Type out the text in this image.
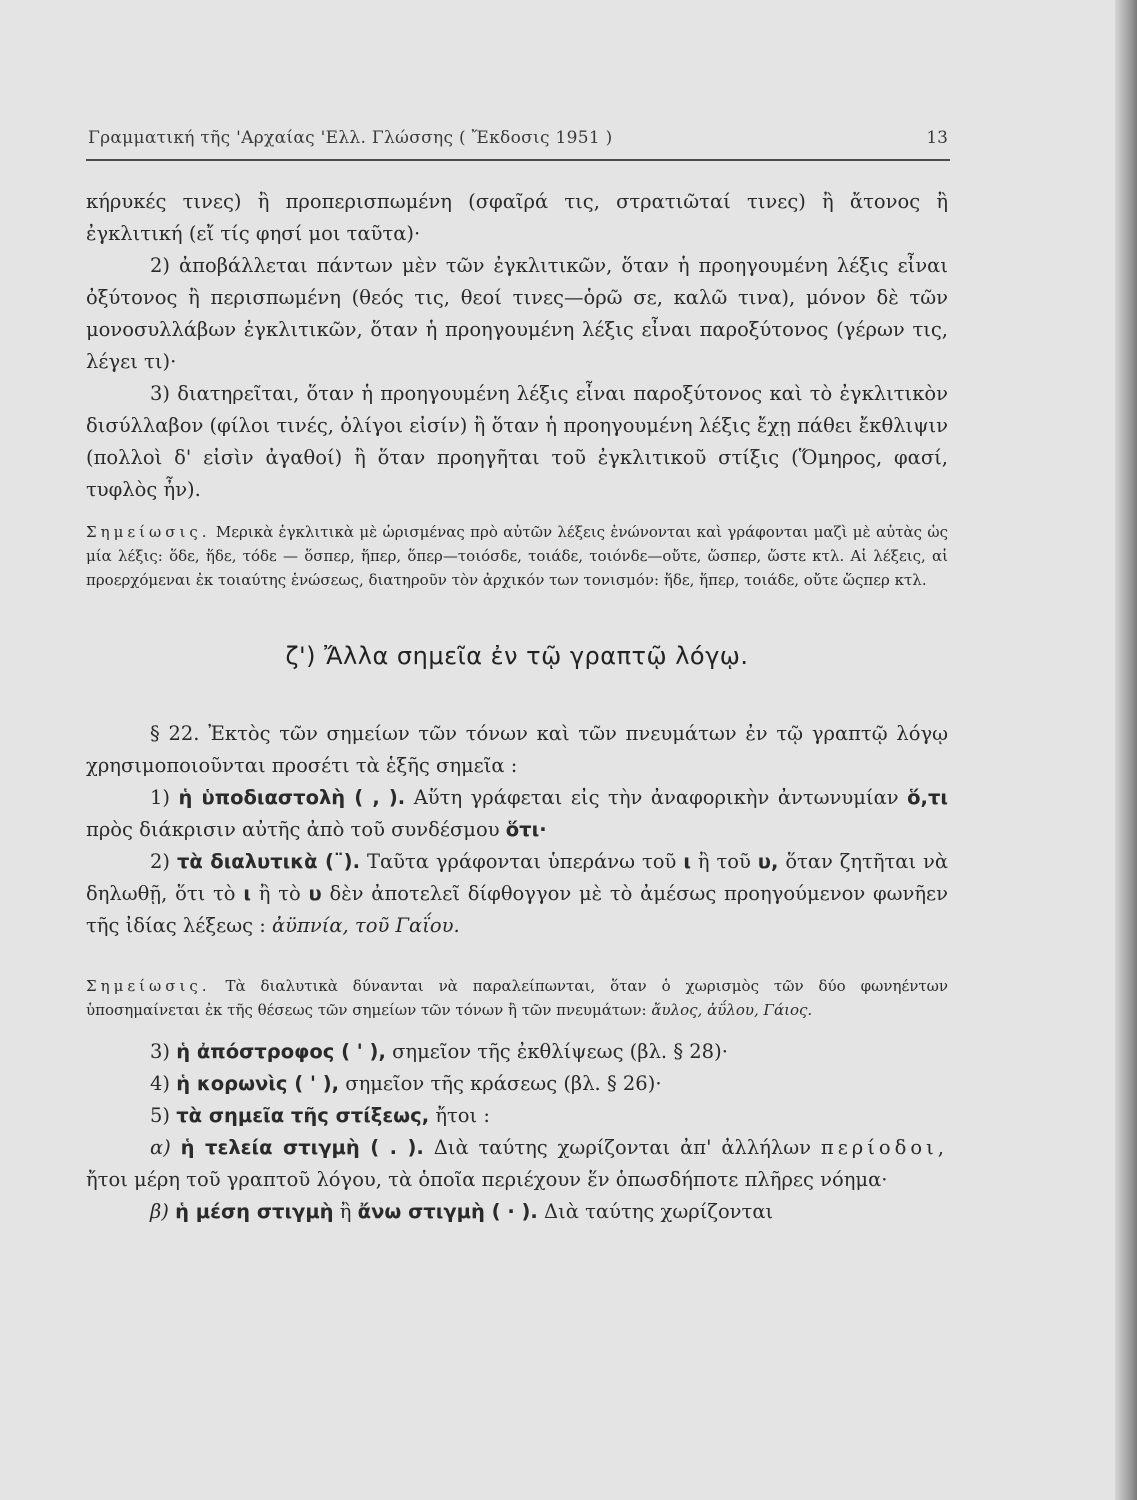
Γραμματική τῆς 'Αρχαίας 'Ελλ. Γλώσσης ( Ἔκδοσις 1951 )	13

κήρυκές τινες) ἢ προπερισπωμένη (σφαῖρά τις, στρατιῶταί τινες) ἢ ἄτονος ἢ ἐγκλιτική (εἴ τίς φησί μοι ταῦτα)·

2) ἀποβάλλεται πάντων μὲν τῶν ἐγκλιτικῶν, ὅταν ἡ προηγουμένη λέξις εἶναι ὀξύτονος ἢ περισπωμένη (θεός τις, θεοί τινες—ὁρῶ σε, καλῶ τινα), μόνον δὲ τῶν μονοσυλλάβων ἐγκλιτικῶν, ὅταν ἡ προηγουμένη λέξις εἶναι παροξύτονος (γέρων τις, λέγει τι)·

3) διατηρεῖται, ὅταν ἡ προηγουμένη λέξις εἶναι παροξύτονος καὶ τὸ ἐγκλιτικὸν δισύλλαβον (φίλοι τινές, ὀλίγοι εἰσίν) ἢ ὅταν ἡ προηγουμένη λέξις ἔχῃ πάθει ἔκθλιψιν (πολλοὶ δ' εἰσὶν ἀγαθοί) ἢ ὅταν προηγῆται τοῦ ἐγκλιτικοῦ στίξις (Ὅμηρος, φασί, τυφλὸς ἦν).

Σημείωσις. Μερικὰ ἐγκλιτικὰ μὲ ὡρισμένας πρὸ αὐτῶν λέξεις ἑνώνονται καὶ γράφονται μαζὶ μὲ αὐτὰς ὡς μία λέξις: ὅδε, ἥδε, τόδε — ὅσπερ, ἥπερ, ὅπερ—τοιόσδε, τοιάδε, τοιόνδε—οὔτε, ὥσπερ, ὥστε κτλ. Αἱ λέξεις, αἱ προερχόμεναι ἐκ τοιαύτης ἑνώσεως, διατηροῦν τὸν ἀρχικόν των τονισμόν: ἥδε, ἥπερ, τοιάδε, οὔτε ὥςπερ κτλ.

ζ') Ἄλλα σημεῖα ἐν τῷ γραπτῷ λόγῳ.

§ 22. Ἐκτὸς τῶν σημείων τῶν τόνων καὶ τῶν πνευμάτων ἐν τῷ γραπτῷ λόγῳ χρησιμοποιοῦνται προσέτι τὰ ἑξῆς σημεῖα :

1) ἡ ὑποδιαστολὴ ( , ). Αὕτη γράφεται εἰς τὴν ἀναφορικὴν ἀντωνυμίαν ὅ,τι πρὸς διάκρισιν αὐτῆς ἀπὸ τοῦ συνδέσμου ὅτι·

2) τὰ διαλυτικὰ (¨). Ταῦτα γράφονται ὑπεράνω τοῦ ι ἢ τοῦ υ, ὅταν ζητῆται νὰ δηλωθῇ, ὅτι τὸ ι ἢ τὸ υ δὲν ἀποτελεῖ δίφθογγον μὲ τὸ ἀμέσως προηγούμενον φωνῆεν τῆς ἰδίας λέξεως : ἀϋπνία, τοῦ Γαΐου.

Σημείωσις. Τὰ διαλυτικὰ δύνανται νὰ παραλείπωνται, ὅταν ὁ χωρισμὸς τῶν δύο φωνηέντων ὑποσημαίνεται ἐκ τῆς θέσεως τῶν σημείων τῶν τόνων ἢ τῶν πνευμάτων: ἄυλος, ἀΰλου, Γάιος.

3) ἡ ἀπόστροφος ( ' ), σημεῖον τῆς ἐκθλίψεως (βλ. § 28)·

4) ἡ κορωνὶς ( ' ), σημεῖον τῆς κράσεως (βλ. § 26)·

5) τὰ σημεῖα τῆς στίξεως, ἤτοι :

α) ἡ τελεία στιγμὴ ( . ). Διὰ ταύτης χωρίζονται ἀπ' ἀλλήλων περίοδοι, ἤτοι μέρη τοῦ γραπτοῦ λόγου, τὰ ὁποῖα περιέχουν ἕν ὁπωσδήποτε πλῆρες νόημα·

β) ἡ μέση στιγμὴ ἢ ἄνω στιγμὴ ( · ). Διὰ ταύτης χωρίζονται
